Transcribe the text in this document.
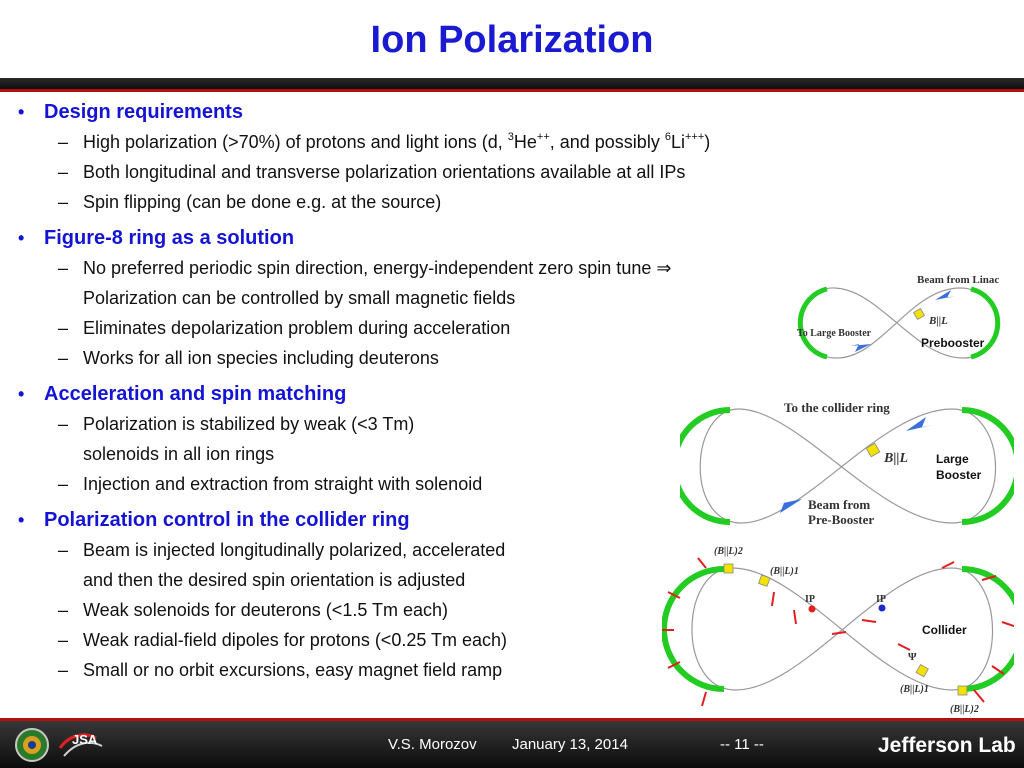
Ion Polarization
• Design requirements
– High polarization (>70%) of protons and light ions (d, $^3$He++, and possibly $^6$Li+++)
– Both longitudinal and transverse polarization orientations available at all IPs
– Spin flipping (can be done e.g. at the source)
• Figure-8 ring as a solution
– No preferred periodic spin direction, energy-independent zero spin tune ⇒
Polarization can be controlled by small magnetic fields
– Eliminates depolarization problem during acceleration
– Works for all ion species including deuterons
• Acceleration and spin matching
– Polarization is stabilized by weak (<3 Tm)
solenoids in all ion rings
– Injection and extraction from straight with solenoid
• Polarization control in the collider ring
– Beam is injected longitudinally polarized, accelerated
and then the desired spin orientation is adjusted
– Weak solenoids for deuterons (<1.5 Tm each)
– Weak radial-field dipoles for protons (<0.25 Tm each)
– Small or no orbit excursions, easy magnet field ramp
Beam from Linac
To Large Booster
B||L
Prebooster
To the collider ring
B||L
Beam from
Pre-Booster
Large
Booster
(B||L)2
(B||L)1
IP	IP
Ψ
(B||L)1
(B||L)2
Collider
JSA	V.S. Morozov January 13, 2014	-- 11 --	Jefferson Lab
